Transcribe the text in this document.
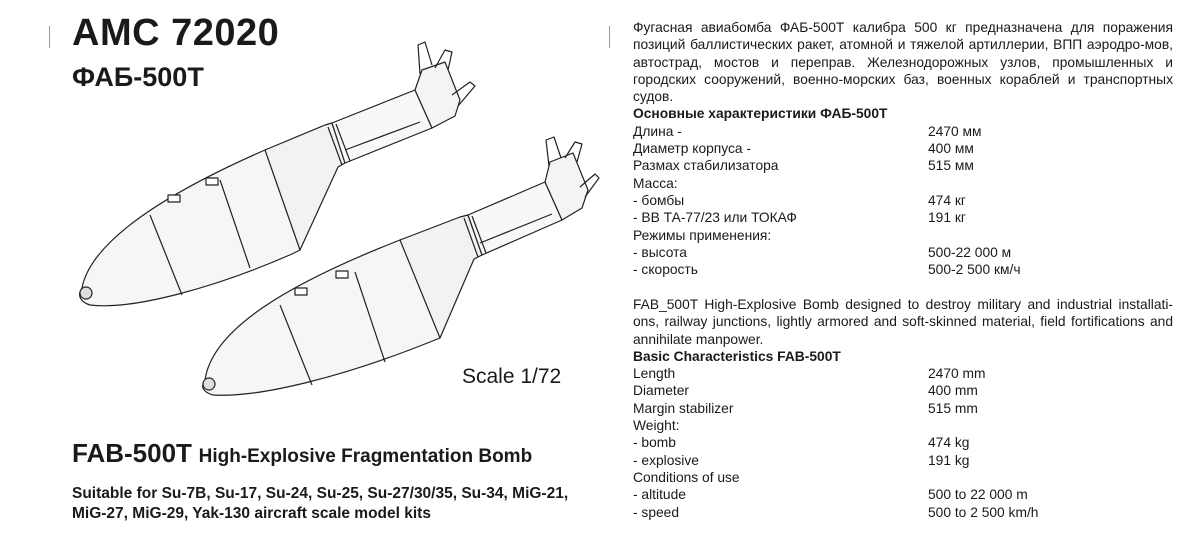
AMC 72020
ФАБ-500T
Scale 1/72
FAB-500T High-Explosive Fragmentation Bomb

Suitable for Su-7B, Su-17, Su-24, Su-25, Su-27/30/35, Su-34, MiG-21, MiG-27, MiG-29, Yak-130 aircraft scale model kits

Фугасная авиабомба ФАБ-500Т калибра 500 кг предназначена для поражения позиций баллистических ракет, атомной и тяжелой артиллерии, ВПП аэродро-мов, автострад, мостов и переправ. Железнодорожных узлов, промышленных и городских сооружений, военно-морских баз, военных кораблей и транспортных судов.

Основные характеристики ФАБ-500Т

Длина -	2470 мм
Диаметр корпуса -	400 мм
Размах стабилизатора	515 мм
Масса:	
- бомбы	474 кг
- ВВ ТА-77/23 или ТОКАФ	191 кг
Режимы применения:	
- высота	500-22 000 м
- скорость	500-2 500 км/ч

FAB_500T High-Explosive Bomb designed to destroy military and industrial installati-ons, railway junctions, lightly armored and soft-skinned material, field fortifications and annihilate manpower.

Basic Characteristics FAB-500T

Length	2470 mm
Diameter	400 mm
Margin stabilizer	515 mm
Weight:	
- bomb	474 kg
- explosive	191 kg
Conditions of use	
- altitude	500 to 22 000 m
- speed	500 to 2 500 km/h
